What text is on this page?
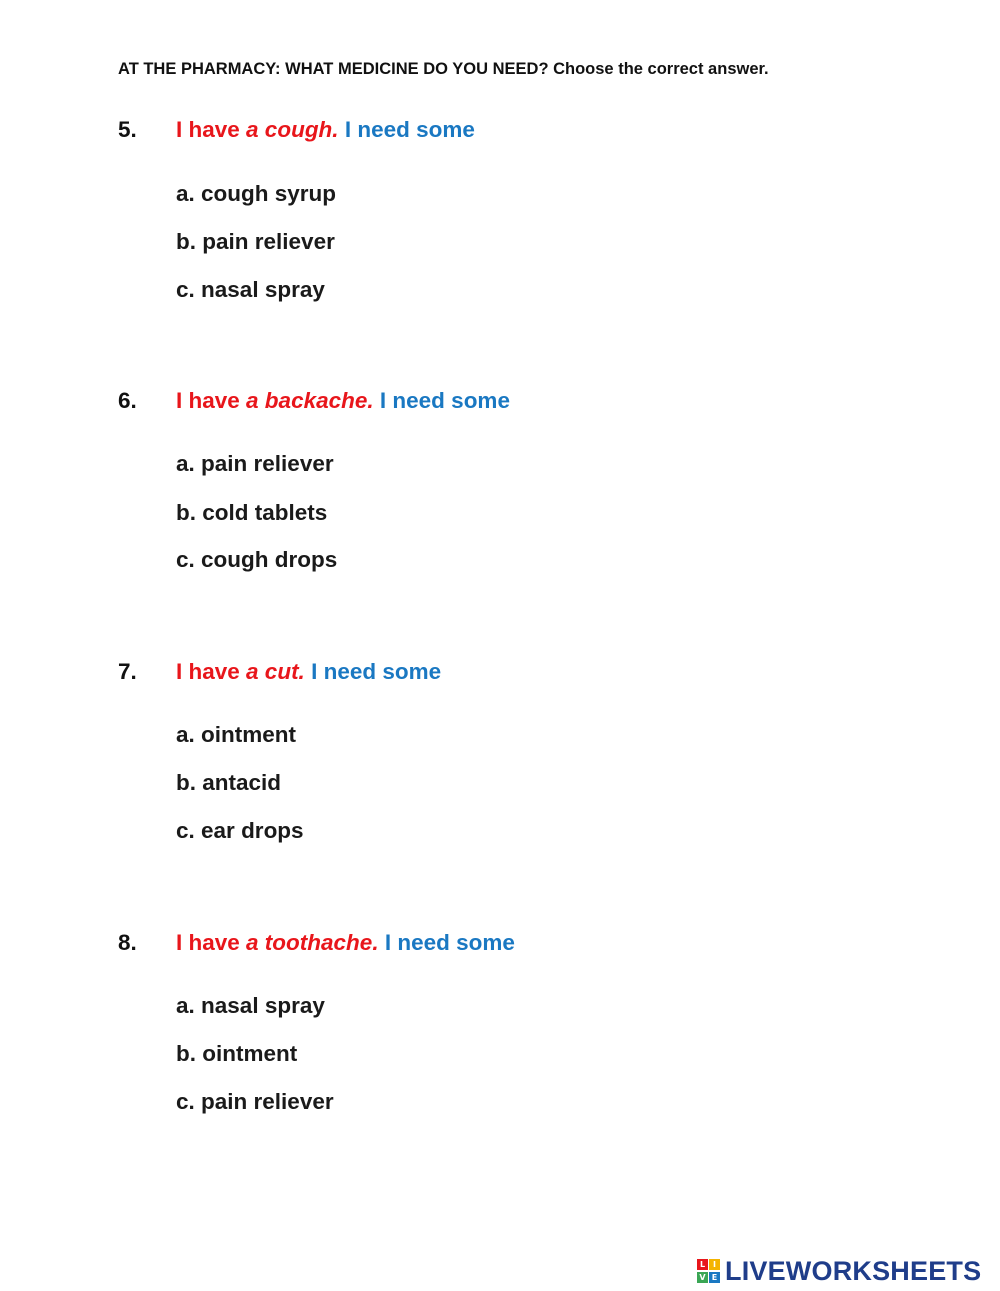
AT THE PHARMACY: WHAT MEDICINE DO YOU NEED? Choose the correct answer.
5. I have a cough. I need some
a. cough syrup
b. pain reliever
c. nasal spray
6. I have a backache. I need some
a. pain reliever
b. cold tablets
c. cough drops
7. I have a cut. I need some
a. ointment
b. antacid
c. ear drops
8. I have a toothache. I need some
a. nasal spray
b. ointment
c. pain reliever
L I
V E LIVEWORKSHEETS
